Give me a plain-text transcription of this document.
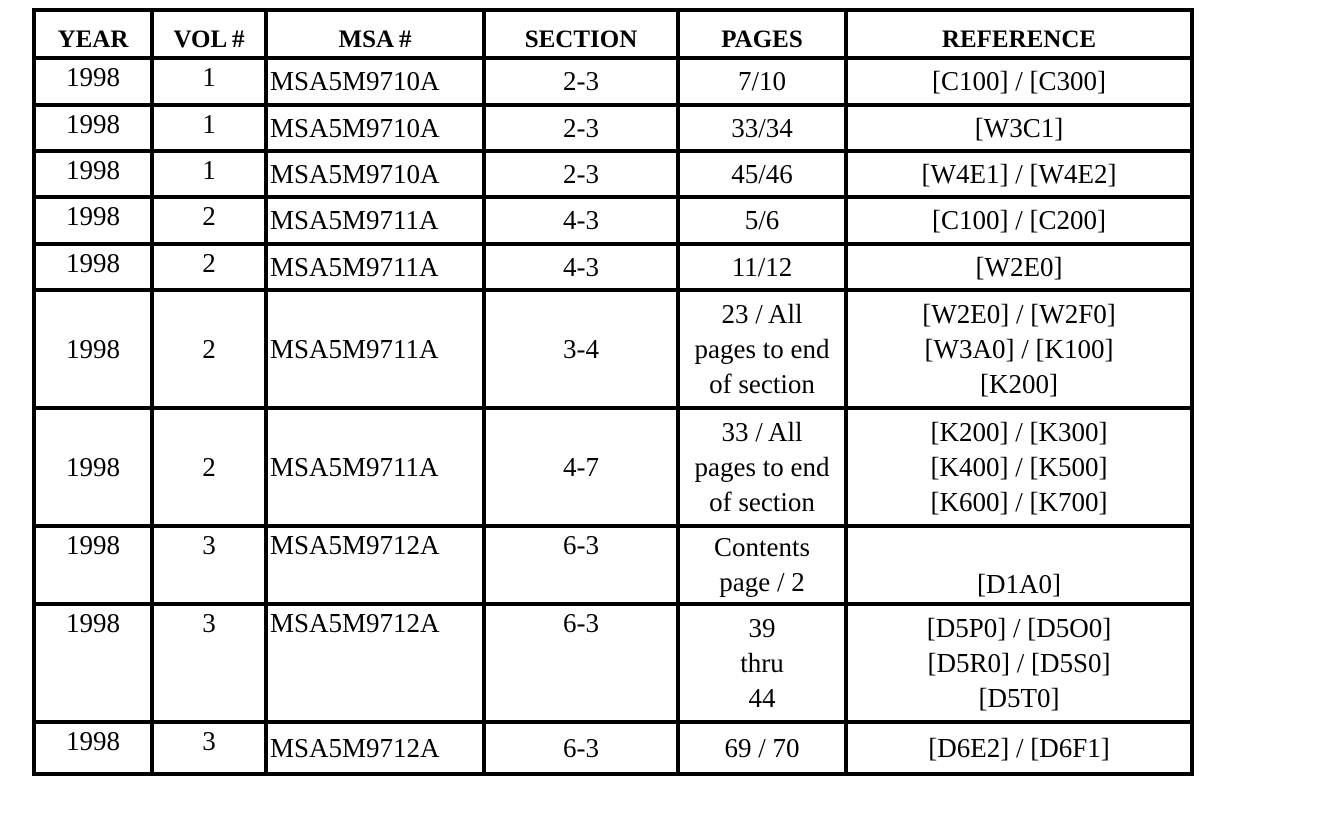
YEAR	VOL #	MSA #	SECTION	PAGES	REFERENCE
1998	1	MSA5M9710A	2-3	7/10	[C100] / [C300]

1998	1	MSA5M9710A	2-3	33/34	[W3C1]

1998	1	MSA5M9710A	2-3	45/46	[W4E1] / [W4E2]

1998	2	MSA5M9711A	4-3	5/6	[C100] / [C200]

1998	2	MSA5M9711A	4-3	11/12	[W2E0]

1998	2	MSA5M9711A	3-4	23 / All
pages to end
of section	[W2E0] / [W2F0]
[W3A0] / [K100]
[K200]

1998	2	MSA5M9711A	4-7	33 / All
pages to end
of section	[K200] / [K300]
[K400] / [K500]
[K600] / [K700]

1998	3	MSA5M9712A	6-3	Contents
page / 2	[D1A0]

1998	3	MSA5M9712A	6-3	39
thru
44	[D5P0] / [D5O0]
[D5R0] / [D5S0]
[D5T0]

1998	3	MSA5M9712A	6-3	69 / 70	[D6E2] / [D6F1]
